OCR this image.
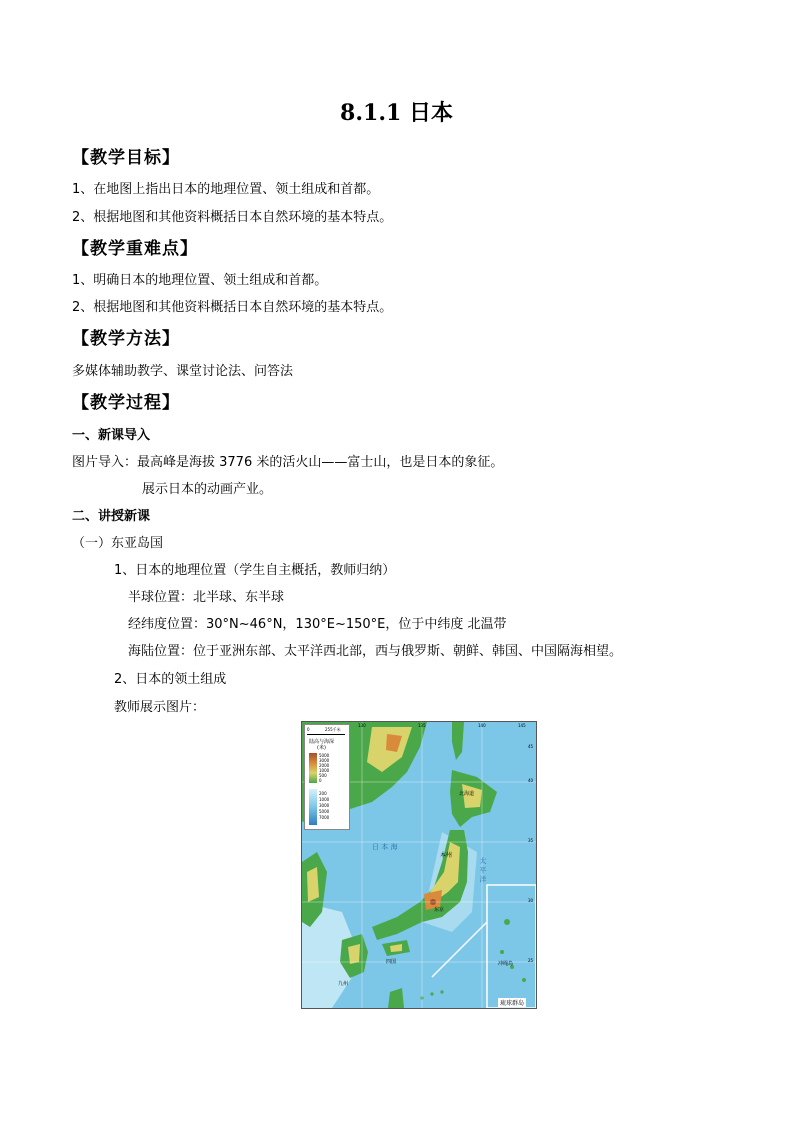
8.1.1 日本
【教学目标】
1、在地图上指出日本的地理位置、领土组成和首都。
2、根据地图和其他资料概括日本自然环境的基本特点。
【教学重难点】
1、明确日本的地理位置、领土组成和首都。
2、根据地图和其他资料概括日本自然环境的基本特点。
【教学方法】
多媒体辅助教学、课堂讨论法、问答法
【教学过程】
一、新课导入
图片导入：最高峰是海拔 3776 米的活火山——富士山，也是日本的象征。
展示日本的动画产业。
二、讲授新课
（一）东亚岛国
1、日本的地理位置（学生自主概括，教师归纳）
半球位置：北半球、东半球
经纬度位置：30°N~46°N，130°E~150°E，位于中纬度 北温带
海陆位置：位于亚洲东部、太平洋西北部，西与俄罗斯、朝鲜、韩国、中国隔海相望。
2、日本的领土组成
教师展示图片：
0	255千米
陆高与海深
(米)
5000
3000
2000
1000
500
0
200
1000
3000
5000
7000
北海道
本州
东京
四国
九州
日 本 海
太 平 洋
冲绳岛
琉球群岛
130	135	140	145
25
30
35
40
45
